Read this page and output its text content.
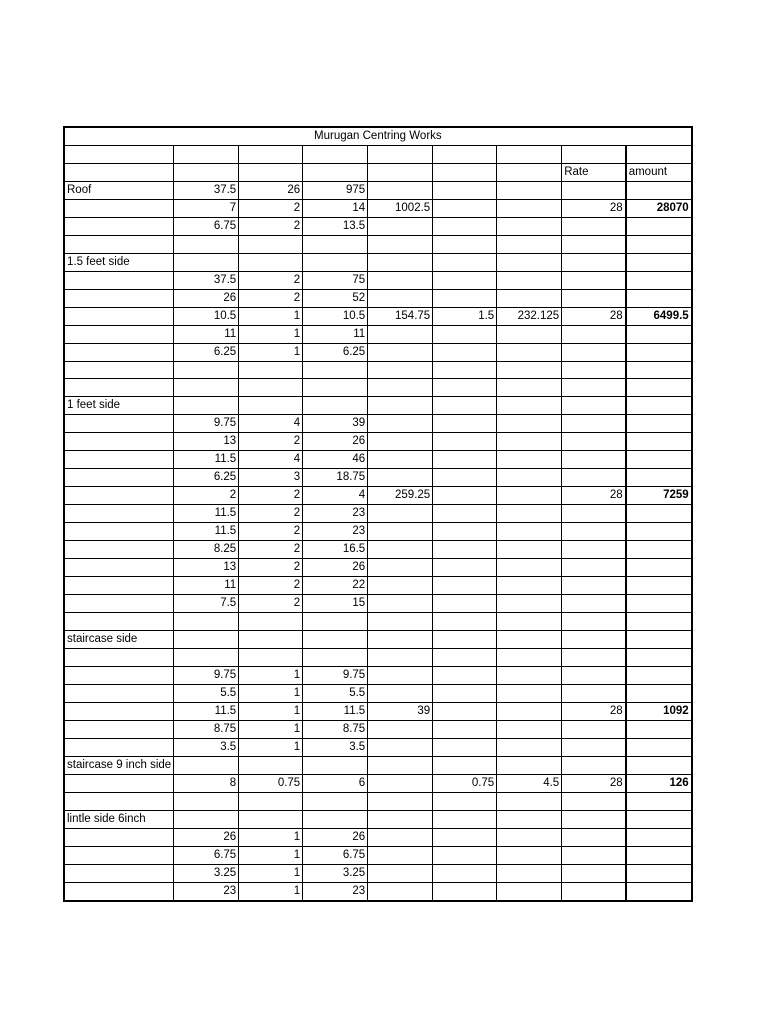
Murugan Centring Works								

							Rate	amount
Roof	37.5	26	975					
	7	2	14	1002.5			28	28070
	6.75	2	13.5					

1.5 feet side								
	37.5	2	75					
	26	2	52					
	10.5	1	10.5	154.75	1.5	232.125	28	6499.5
	11	1	11					
	6.25	1	6.25					

1 feet side								
	9.75	4	39					
	13	2	26					
	11.5	4	46					
	6.25	3	18.75					
	2	2	4	259.25			28	7259
	11.5	2	23					
	11.5	2	23					
	8.25	2	16.5					
	13	2	26					
	11	2	22					
	7.5	2	15					

staircase side								

	9.75	1	9.75					
	5.5	1	5.5					
	11.5	1	11.5	39			28	1092
	8.75	1	8.75					
	3.5	1	3.5					
staircase 9 inch side								
	8	0.75	6		0.75	4.5	28	126

lintle side 6inch								
	26	1	26					
	6.75	1	6.75					
	3.25	1	3.25					
	23	1	23					
